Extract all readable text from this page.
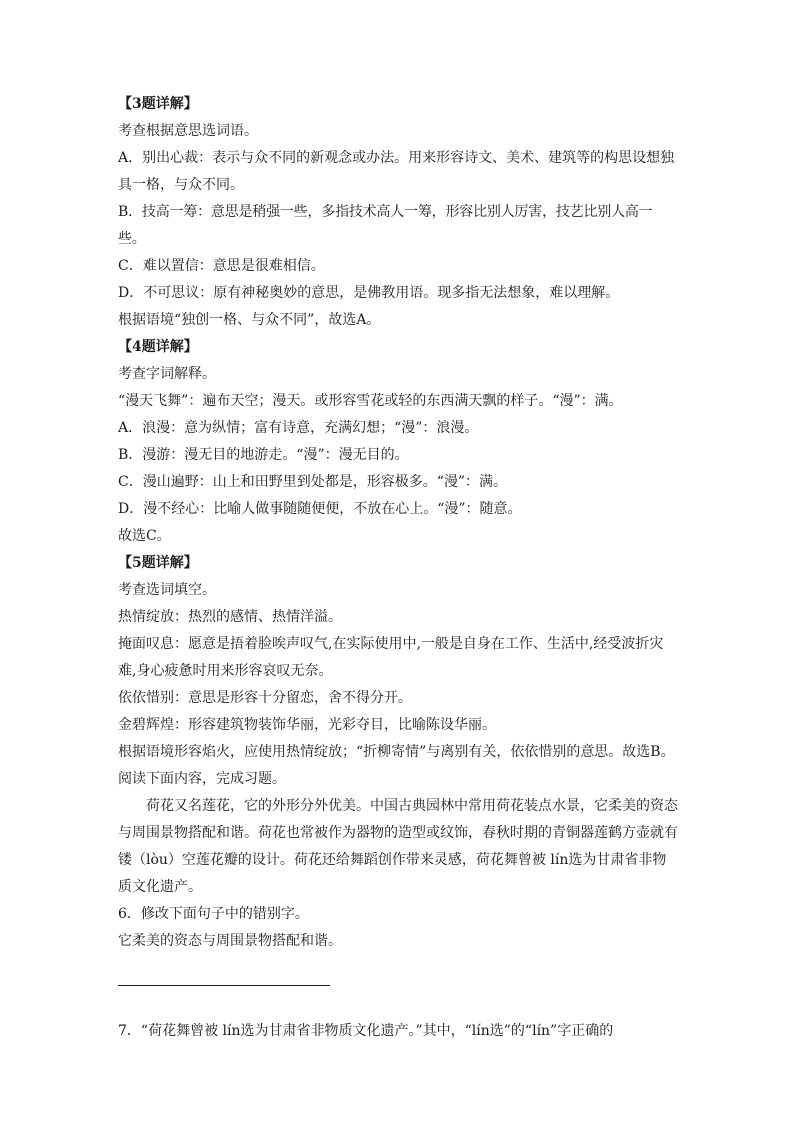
【3题详解】

考查根据意思选词语。

A．别出心裁：表示与众不同的新观念或办法。用来形容诗文、美术、建筑等的构思设想独具一格，与众不同。

B．技高一筹：意思是稍强一些，多指技术高人一筹，形容比别人厉害，技艺比别人高一些。

C．难以置信：意思是很难相信。

D．不可思议：原有神秘奥妙的意思，是佛教用语。现多指无法想象，难以理解。

根据语境“独创一格、与众不同”，故选A。

【4题详解】

考查字词解释。

“漫天飞舞”：遍布天空；漫天。或形容雪花或轻的东西满天飘的样子。“漫”：满。

A．浪漫：意为纵情；富有诗意，充满幻想；“漫”：浪漫。

B．漫游：漫无目的地游走。“漫”：漫无目的。

C．漫山遍野：山上和田野里到处都是，形容极多。“漫”：满。

D．漫不经心：比喻人做事随随便便，不放在心上。“漫”：随意。

故选C。

【5题详解】

考查选词填空。

热情绽放：热烈的感情、热情洋溢。

掩面叹息：愿意是捂着脸唉声叹气,在实际使用中,一般是自身在工作、生活中,经受波折灾难,身心疲惫时用来形容哀叹无奈。

依依惜别：意思是形容十分留恋，舍不得分开。

金碧辉煌：形容建筑物装饰华丽，光彩夺目，比喻陈设华丽。

根据语境形容焰火，应使用热情绽放；“折柳寄情”与离别有关，依依惜别的意思。故选B。

阅读下面内容，完成习题。

荷花又名莲花，它的外形分外优美。中国古典园林中常用荷花装点水景，它柔美的资态与周围景物搭配和谐。荷花也常被作为器物的造型或纹饰，春秋时期的青铜器莲鹤方壶就有镂（lòu）空莲花瓣的设计。荷花还给舞蹈创作带来灵感，荷花舞曾被 lín选为甘肃省非物质文化遗产。

6．修改下面句子中的错别字。

它柔美的资态与周围景物搭配和谐。

7．“荷花舞曾被 lín选为甘肃省非物质文化遗产。”其中，“lín选”的“lín”字正确的
